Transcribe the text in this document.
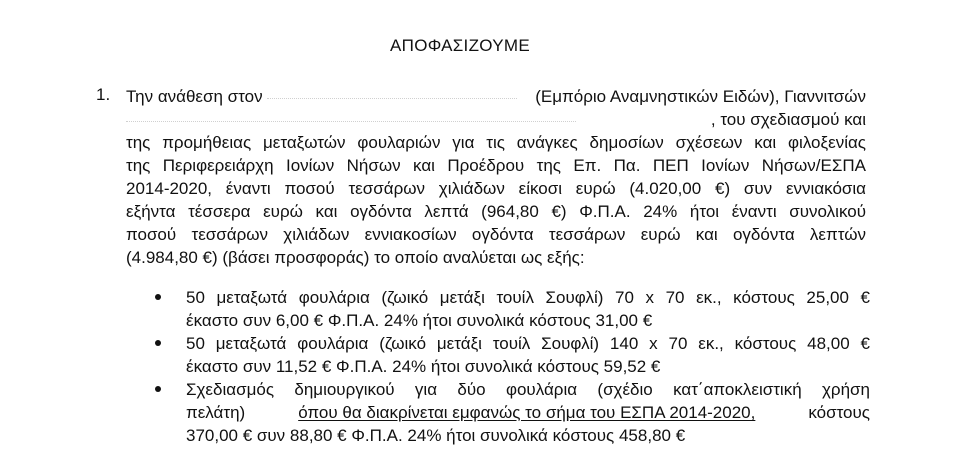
ΑΠΟΦΑΣΙΖΟΥΜΕ
1. Την ανάθεση στον	(Εμπόριο Αναμνηστικών Ειδών), Γιαννιτσών
, του σχεδιασμού και
της προμήθειας μεταξωτών φουλαριών για τις ανάγκες δημοσίων σχέσεων και φιλοξενίας
της Περιφερειάρχη Ιονίων Νήσων και Προέδρου της Επ. Πα. ΠΕΠ Ιονίων Νήσων/ΕΣΠΑ
2014-2020, έναντι ποσού τεσσάρων χιλιάδων είκοσι ευρώ (4.020,00 €) συν εννιακόσια
εξήντα τέσσερα ευρώ και ογδόντα λεπτά (964,80 €) Φ.Π.Α. 24% ήτοι έναντι συνολικού
ποσού τεσσάρων χιλιάδων εννιακοσίων ογδόντα τεσσάρων ευρώ και ογδόντα λεπτών
(4.984,80 €) (βάσει προσφοράς) το οποίο αναλύεται ως εξής:
50 μεταξωτά φουλάρια (ζωικό μετάξι τουίλ Σουφλί) 70 x 70 εκ., κόστους 25,00 €
έκαστο συν 6,00 € Φ.Π.Α. 24% ήτοι συνολικά κόστους 31,00 €
50 μεταξωτά φουλάρια (ζωικό μετάξι τουίλ Σουφλί) 140 x 70 εκ., κόστους 48,00 €
έκαστο συν 11,52 € Φ.Π.Α. 24% ήτοι συνολικά κόστους 59,52 €
Σχεδιασμός δημιουργικού για δύο φουλάρια (σχέδιο κατ΄αποκλειστική χρήση
πελάτη)	όπου θα διακρίνεται εμφανώς το σήμα του ΕΣΠΑ 2014-2020,	κόστους
370,00 € συν 88,80 € Φ.Π.Α. 24% ήτοι συνολικά κόστους 458,80 €
